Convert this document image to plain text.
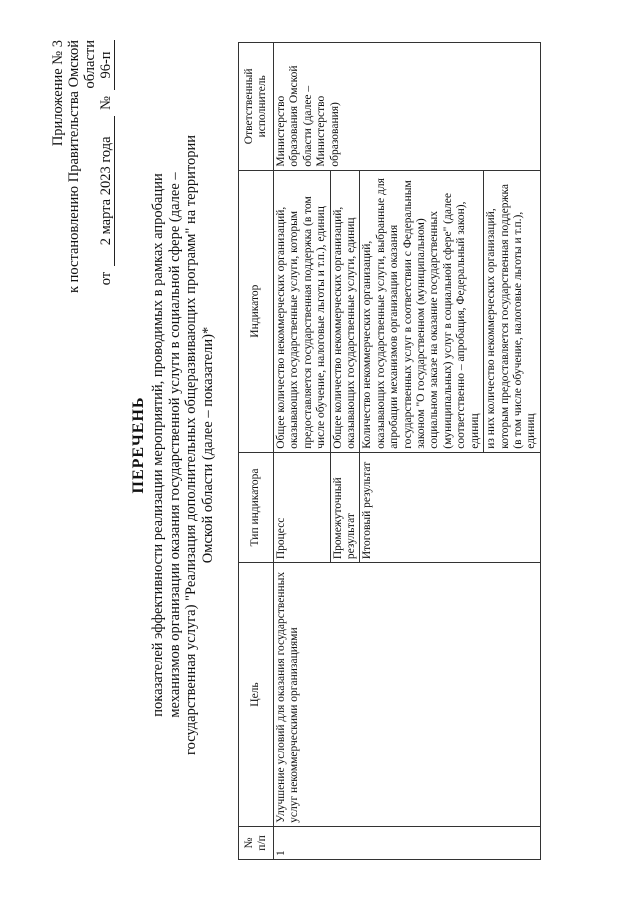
Приложение № 3 к постановлению Правительства Омской области
от
2 марта 2023 года
№
96-п
ПЕРЕЧЕНЬ показателей эффективности реализации мероприятий, проводимых в рамках апробации механизмов организации оказания государственной услуги в социальной сфере (далее – государственная услуга) "Реализация дополнительных общеразвивающих программ" на территории Омской области (далее – показатели)*
№
п/п	Цель	Тип индикатора	Индикатор	Ответственный исполнитель
1	Улучшение условий для оказания государственных услуг некоммерческими организациями	Процесс	Общее количество некоммерческих организаций, оказывающих государственные услуги, которым предоставляется государственная поддержка (в том числе обучение, налоговые льготы и т.п.), единиц	Министерство образования Омской области (далее – Министерство образования)
		Промежуточный результат	Общее количество некоммерческих организаций, оказывающих государственные услуги, единиц	
		Итоговый результат	Количество некоммерческих организаций, оказывающих государственные услуги, выбранные для апробации механизмов организации оказания государственных услуг в соответствии с Федеральным законом "О государственном (муниципальном) социальном заказе на оказание государственных (муниципальных) услуг в социальной сфере" (далее соответственно – апробация, Федеральный закон), единиц	
			из них количество некоммерческих организаций, которым предоставляется государственная поддержка (в том числе обучение, налоговые льготы и т.п.), единиц	
